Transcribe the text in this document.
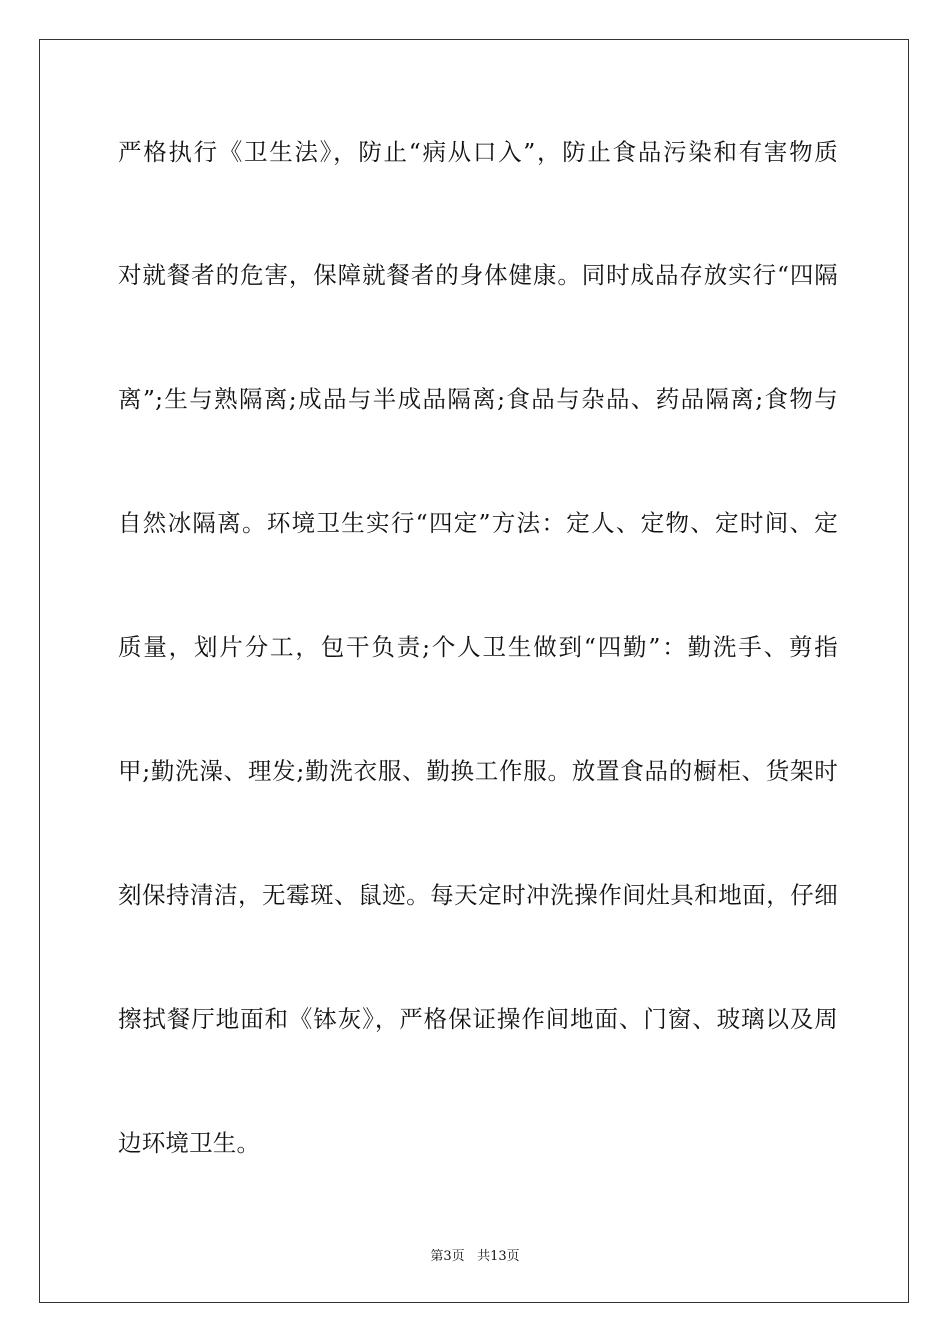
严格执行《卫生法》，防止“病从口入”，防止食品污染和有害物质
对就餐者的危害，保障就餐者的身体健康。同时成品存放实行“四隔
离”;生与熟隔离;成品与半成品隔离;食品与杂品、药品隔离;食物与
自然冰隔离。环境卫生实行“四定”方法：定人、定物、定时间、定
质量，划片分工，包干负责;个人卫生做到“四勤”：勤洗手、剪指
甲;勤洗澡、理发;勤洗衣服、勤换工作服。放置食品的橱柜、货架时
刻保持清洁，无霉斑、鼠迹。每天定时冲洗操作间灶具和地面，仔细
擦拭餐厅地面和《钵灰》，严格保证操作间地面、门窗、玻璃以及周
边环境卫生。
第3页 共13页
